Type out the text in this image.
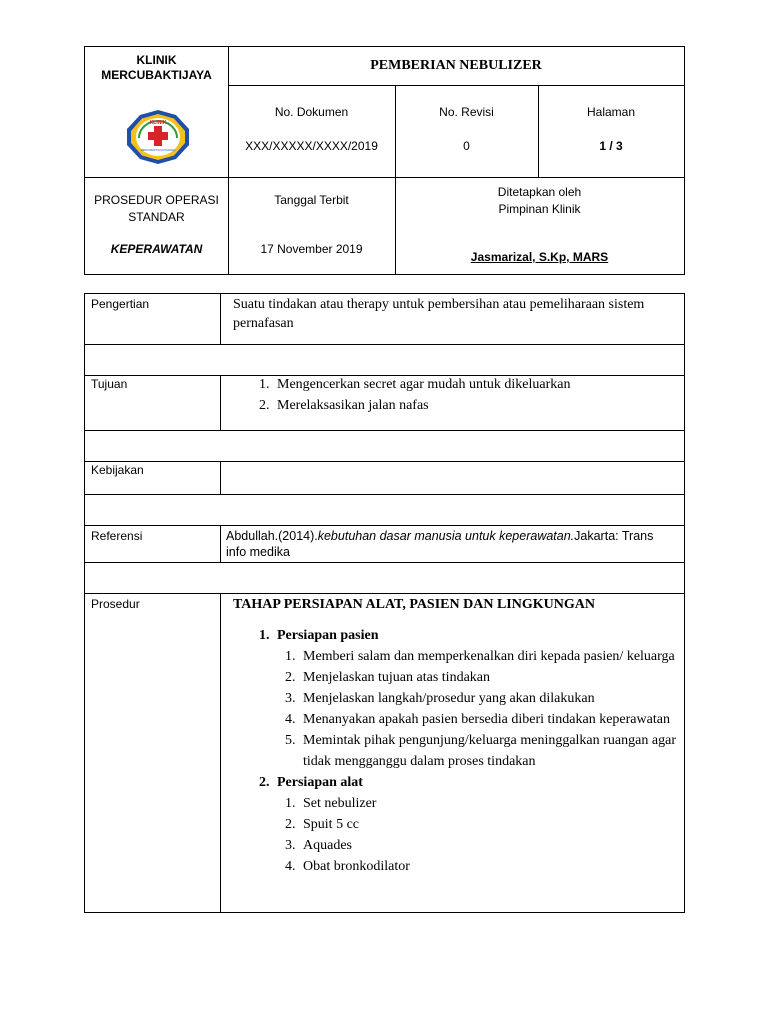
KLINIK
MERCUBAKTIJAYA
KLINIK
MERCUBAKTIJAYA PADANG
PEMBERIAN NEBULIZER
No. Dokumen
XXX/XXXXX/XXXX/2019
No. Revisi
0
Halaman
1 / 3
PROSEDUR OPERASI
STANDAR
KEPERAWATAN
Tanggal Terbit
17 November 2019
Ditetapkan oleh
Pimpinan Klinik
Jasmarizal, S.Kp, MARS
Pengertian	Suatu tindakan atau therapy untuk pembersihan atau pemeliharaan sistem pernafasan
Tujuan
1.	Mengencerkan secret agar mudah untuk dikeluarkan
2. Merelaksasikan jalan nafas
Kebijakan
Referensi	Abdullah.(2014).kebutuhan dasar manusia untuk keperawatan.Jakarta: Trans info medika
Prosedur	TAHAP PERSIAPAN ALAT, PASIEN DAN LINGKUNGAN
1. Persiapan pasien
1. Memberi salam dan memperkenalkan diri kepada pasien/ keluarga
2. Menjelaskan tujuan atas tindakan
3. Menjelaskan langkah/prosedur yang akan dilakukan
4. Menanyakan apakah pasien bersedia diberi tindakan keperawatan
5. Memintak pihak pengunjung/keluarga meninggalkan ruangan agar tidak mengganggu dalam proses tindakan
2. Persiapan alat
1. Set nebulizer
2. Spuit 5 cc
3. Aquades
4. Obat bronkodilator
